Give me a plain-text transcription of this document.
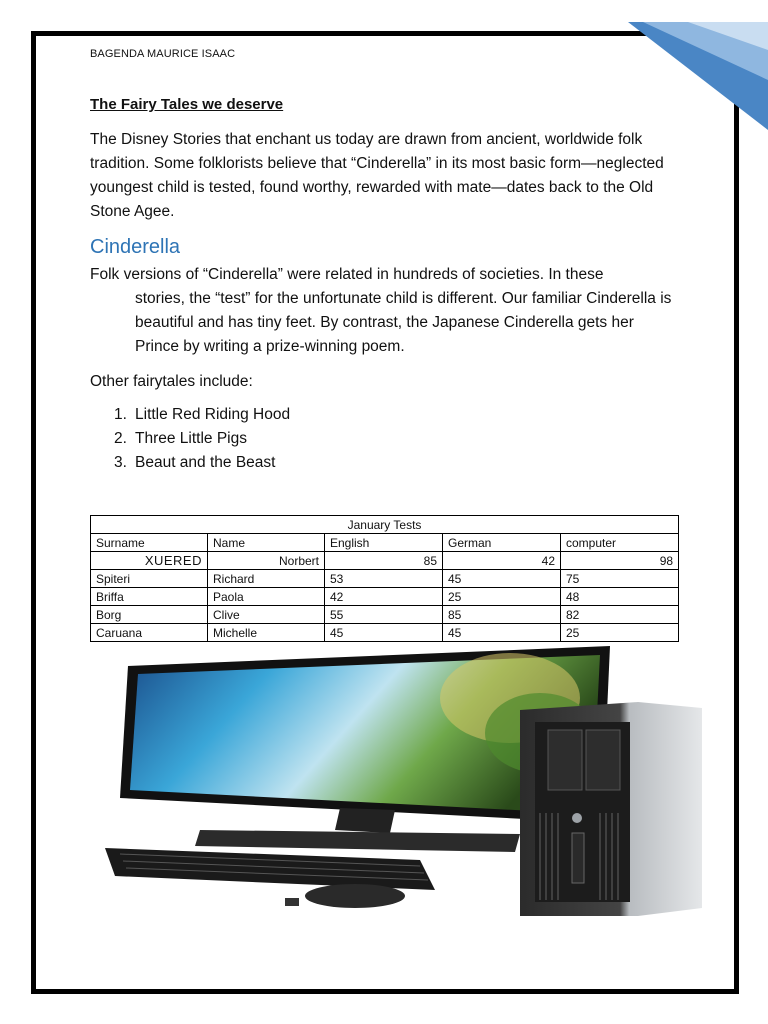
BAGENDA MAURICE ISAAC
The Fairy Tales we deserve
The Disney Stories that enchant us today are drawn from ancient, worldwide folk tradition. Some folklorists believe that “Cinderella” in its most basic form—neglected youngest child is tested, found worthy, rewarded with mate—dates back to the Old Stone Agee.
Cinderella
Folk versions of “Cinderella” were related in hundreds of societies. In these
stories, the “test” for the unfortunate child is different. Our familiar Cinderella is beautiful and has tiny feet. By contrast, the Japanese Cinderella gets her Prince by writing a prize-winning poem.
Other fairytales include:
1. Little Red Riding Hood
2. Three Little Pigs
3. Beaut and the Beast
January Tests				
Surname	Name	English	German	computer
XUERED	Norbert	85	42	98
Spiteri	Richard	53	45	75
Briffa	Paola	42	25	48
Borg	Clive	55	85	82
Caruana	Michelle	45	45	25
